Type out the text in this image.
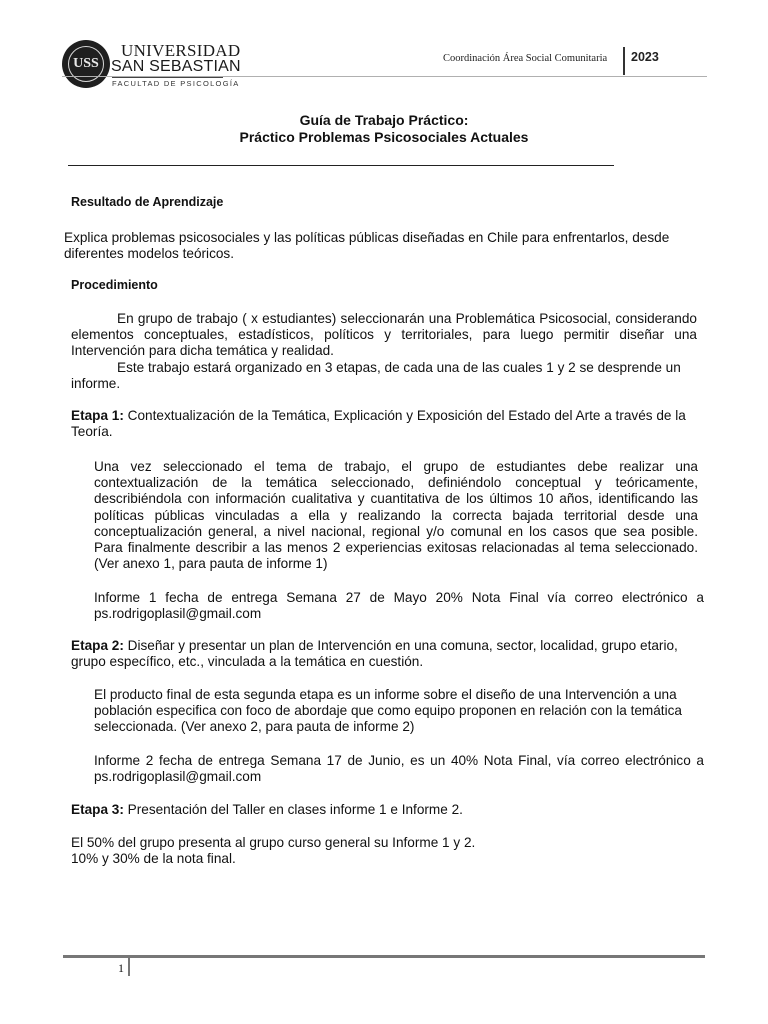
USS
UNIVERSIDAD
SAN SEBASTIAN
FACULTAD DE PSICOLOGÍA
Coordinación Área Social Comunitaria 2023
Guía de Trabajo Práctico:
Práctico Problemas Psicosociales Actuales
Resultado de Aprendizaje
Explica problemas psicosociales y las políticas públicas diseñadas en Chile para enfrentarlos, desde diferentes modelos teóricos.
Procedimiento
En grupo de trabajo ( x estudiantes) seleccionarán una Problemática Psicosocial, considerando elementos conceptuales, estadísticos, políticos y territoriales, para luego permitir diseñar una Intervención para dicha temática y realidad.
Este trabajo estará organizado en 3 etapas, de cada una de las cuales 1 y 2 se desprende un informe.
Etapa 1: Contextualización de la Temática, Explicación y Exposición del Estado del Arte a través de la Teoría.
Una vez seleccionado el tema de trabajo, el grupo de estudiantes debe realizar una contextualización de la temática seleccionado, definiéndolo conceptual y teóricamente, describiéndola con información cualitativa y cuantitativa de los últimos 10 años, identificando las políticas públicas vinculadas a ella y realizando la correcta bajada territorial desde una conceptualización general, a nivel nacional, regional y/o comunal en los casos que sea posible. Para finalmente describir a las menos 2 experiencias exitosas relacionadas al tema seleccionado. (Ver anexo 1, para pauta de informe 1)
Informe 1 fecha de entrega Semana 27 de Mayo 20% Nota Final vía correo electrónico a ps.rodrigoplasil@gmail.com
Etapa 2: Diseñar y presentar un plan de Intervención en una comuna, sector, localidad, grupo etario, grupo específico, etc., vinculada a la temática en cuestión.
El producto final de esta segunda etapa es un informe sobre el diseño de una Intervención a una población especifica con foco de abordaje que como equipo proponen en relación con la temática seleccionada. (Ver anexo 2, para pauta de informe 2)
Informe 2 fecha de entrega Semana 17 de Junio, es un 40% Nota Final, vía correo electrónico a ps.rodrigoplasil@gmail.com
Etapa 3: Presentación del Taller en clases informe 1 e Informe 2.
El 50% del grupo presenta al grupo curso general su Informe 1 y 2.
10% y 30% de la nota final.
1
